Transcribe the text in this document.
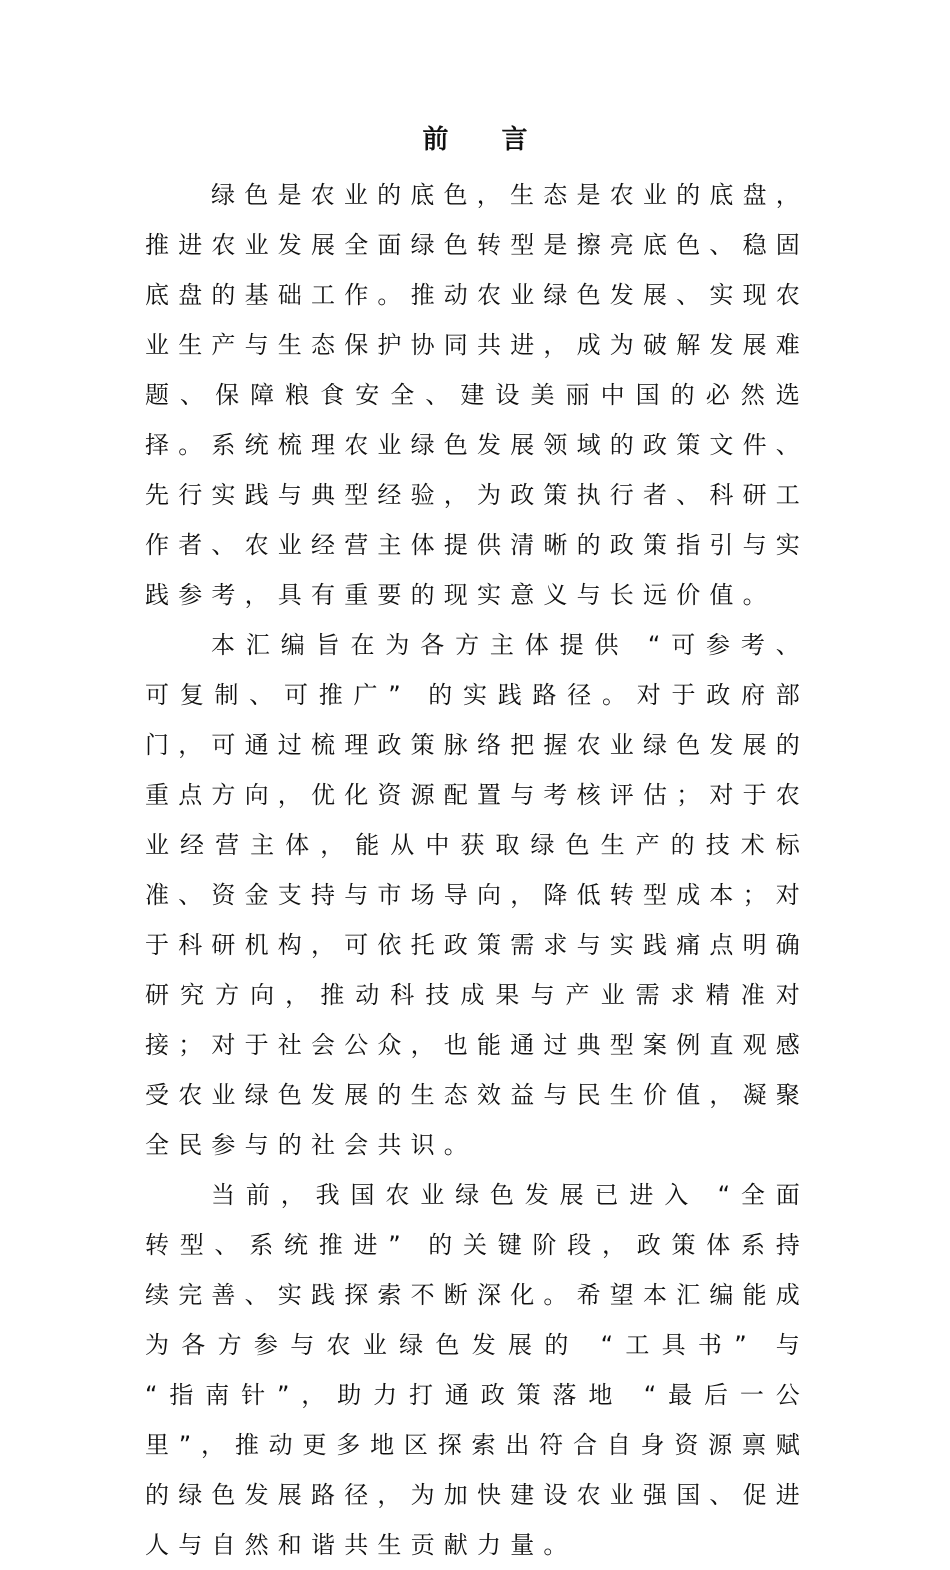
前 言

绿色是农业的底色，生态是农业的底盘，推进农业发展全面绿色转型是擦亮底色、稳固底盘的基础工作。推动农业绿色发展、实现农业生产与生态保护协同共进，成为破解发展难题、保障粮食安全、建设美丽中国的必然选择。系统梳理农业绿色发展领域的政策文件、先行实践与典型经验，为政策执行者、科研工作者、农业经营主体提供清晰的政策指引与实践参考，具有重要的现实意义与长远价值。

本汇编旨在为各方主体提供 “可参考、可复制、可推广” 的实践路径。对于政府部门，可通过梳理政策脉络把握农业绿色发展的重点方向，优化资源配置与考核评估；对于农业经营主体，能从中获取绿色生产的技术标准、资金支持与市场导向，降低转型成本；对于科研机构，可依托政策需求与实践痛点明确研究方向，推动科技成果与产业需求精准对接；对于社会公众，也能通过典型案例直观感受农业绿色发展的生态效益与民生价值，凝聚全民参与的社会共识。

当前，我国农业绿色发展已进入 “全面转型、系统推进” 的关键阶段，政策体系持续完善、实践探索不断深化。希望本汇编能成为各方参与农业绿色发展的 “工具书” 与 “指南针”，助力打通政策落地 “最后一公里”，推动更多地区探索出符合自身资源禀赋的绿色发展路径，为加快建设农业强国、促进人与自然和谐共生贡献力量。
